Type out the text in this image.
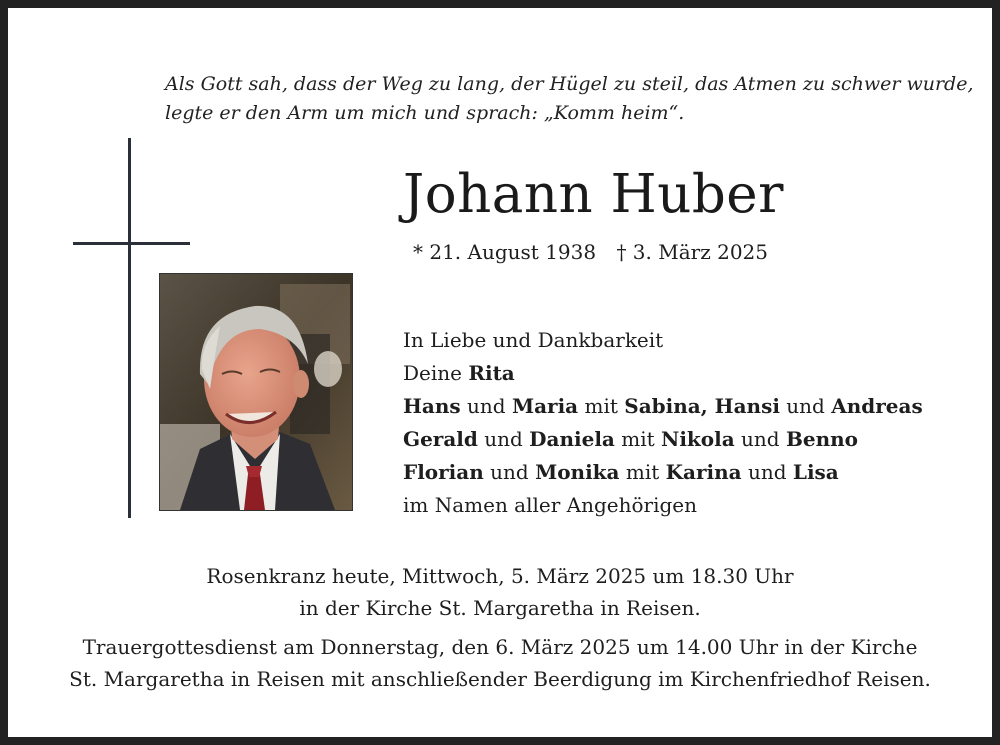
Als Gott sah, dass der Weg zu lang, der Hügel zu steil, das Atmen zu schwer wurde,
legte er den Arm um mich und sprach: „Komm heim“.
Johann Huber
* 21. August 1938 † 3. März 2025
In Liebe und Dankbarkeit
Deine Rita
Hans und Maria mit Sabina, Hansi und Andreas
Gerald und Daniela mit Nikola und Benno
Florian und Monika mit Karina und Lisa
im Namen aller Angehörigen
Rosenkranz heute, Mittwoch, 5. März 2025 um 18.30 Uhr
in der Kirche St. Margaretha in Reisen.
Trauergottesdienst am Donnerstag, den 6. März 2025 um 14.00 Uhr in der Kirche
St. Margaretha in Reisen mit anschließender Beerdigung im Kirchenfriedhof Reisen.
